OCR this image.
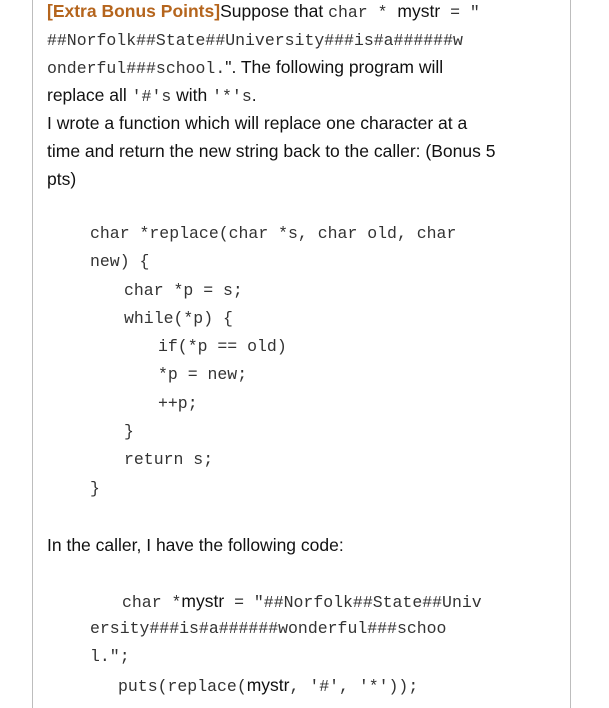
[Extra Bonus Points]Suppose that char * mystr = "
##Norfolk##State##University###is#a######w
onderful###school.". The following program will
replace all '#'s with '*'s.
I wrote a function which will replace one character at a
time and return the new string back to the caller: (Bonus 5
pts)
char *replace(char *s, char old, char
new) {
char *p = s;
while(*p) {
if(*p == old)
*p = new;
++p;
}
return s;
}
In the caller, I have the following code:
char *mystr = "##Norfolk##State##Univ
ersity###is#a######wonderful###schoo
l.";
puts(replace(mystr, '#', '*'));
